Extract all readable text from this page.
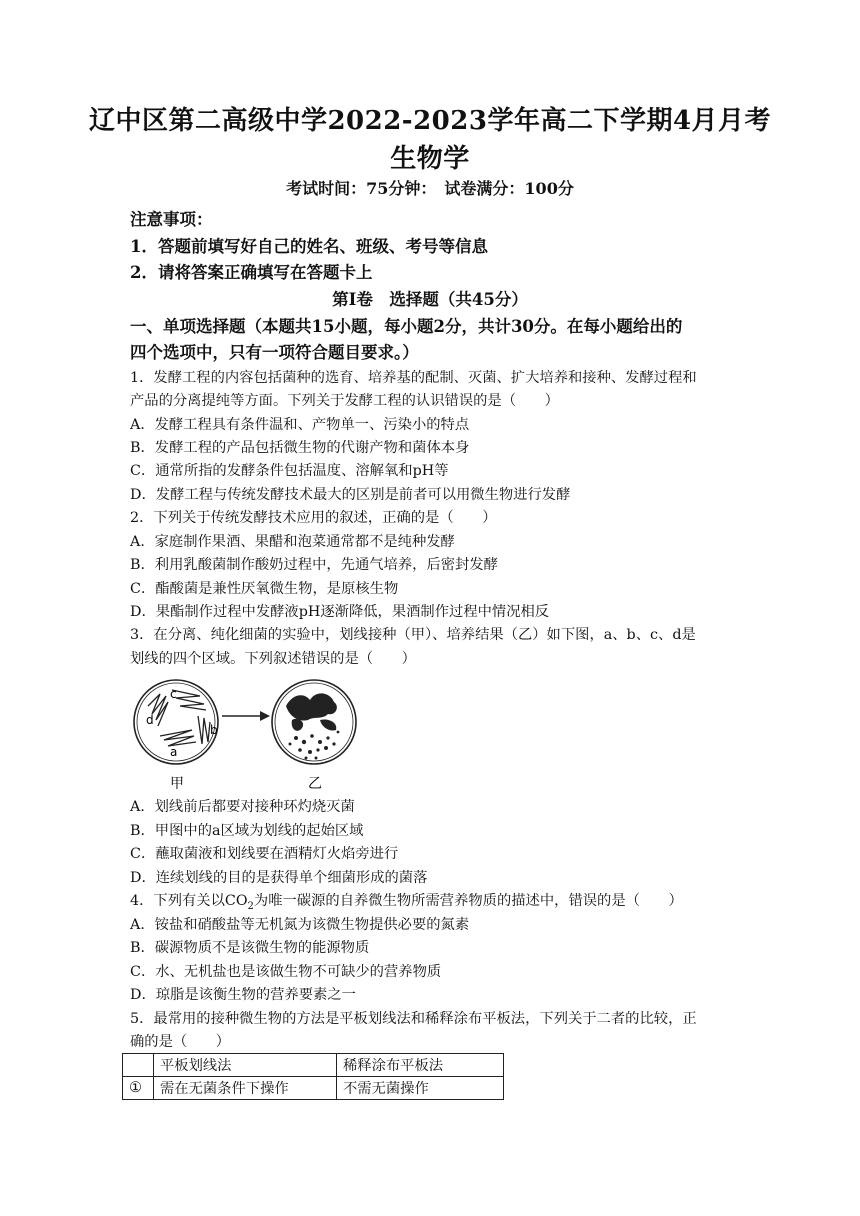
辽中区第二高级中学2022-2023学年高二下学期4月月考
生物学
考试时间：75分钟：　试卷满分：100分
注意事项：
1．答题前填写好自己的姓名、班级、考号等信息
2．请将答案正确填写在答题卡上
第Ⅰ卷　选择题（共45分）
一、单项选择题（本题共15小题，每小题2分，共计30分。在每小题给出的
四个选项中，只有一项符合题目要求。）
1．发酵工程的内容包括菌种的选育、培养基的配制、灭菌、扩大培养和接种、发酵过程和
产品的分离提纯等方面。下列关于发酵工程的认识错误的是（　　）
A．发酵工程具有条件温和、产物单一、污染小的特点
B．发酵工程的产品包括微生物的代谢产物和菌体本身
C．通常所指的发酵条件包括温度、溶解氧和pH等
D．发酵工程与传统发酵技术最大的区别是前者可以用微生物进行发酵
2．下列关于传统发酵技术应用的叙述，正确的是（　　）
A．家庭制作果酒、果醋和泡菜通常都不是纯种发酵
B．利用乳酸菌制作酸奶过程中，先通气培养，后密封发酵
C．酯酸菌是兼性厌氧微生物，是原核生物
D．果酯制作过程中发酵液pH逐渐降低，果酒制作过程中情况相反
3．在分离、纯化细菌的实验中，划线接种（甲）、培养结果（乙）如下图，a、b、c、d是
划线的四个区域。下列叙述错误的是（　　）
d
c
b
a
甲	乙
A．划线前后都要对接种环灼烧灭菌
B．甲图中的a区域为划线的起始区域
C．蘸取菌液和划线要在酒精灯火焰旁进行
D．连续划线的目的是获得单个细菌形成的菌落
4．下列有关以$CO_2$为唯一碳源的自养微生物所需营养物质的描述中，错误的是（　　）
A．铵盐和硝酸盐等无机氮为该微生物提供必要的氮素
B．碳源物质不是该微生物的能源物质
C．水、无机盐也是该做生物不可缺少的营养物质
D．琼脂是该衡生物的营养要素之一
5．最常用的接种微生物的方法是平板划线法和稀释涂布平板法，下列关于二者的比较，正
确的是（　　）
	平板划线法	稀释涂布平板法
①	需在无菌条件下操作	不需无菌操作
